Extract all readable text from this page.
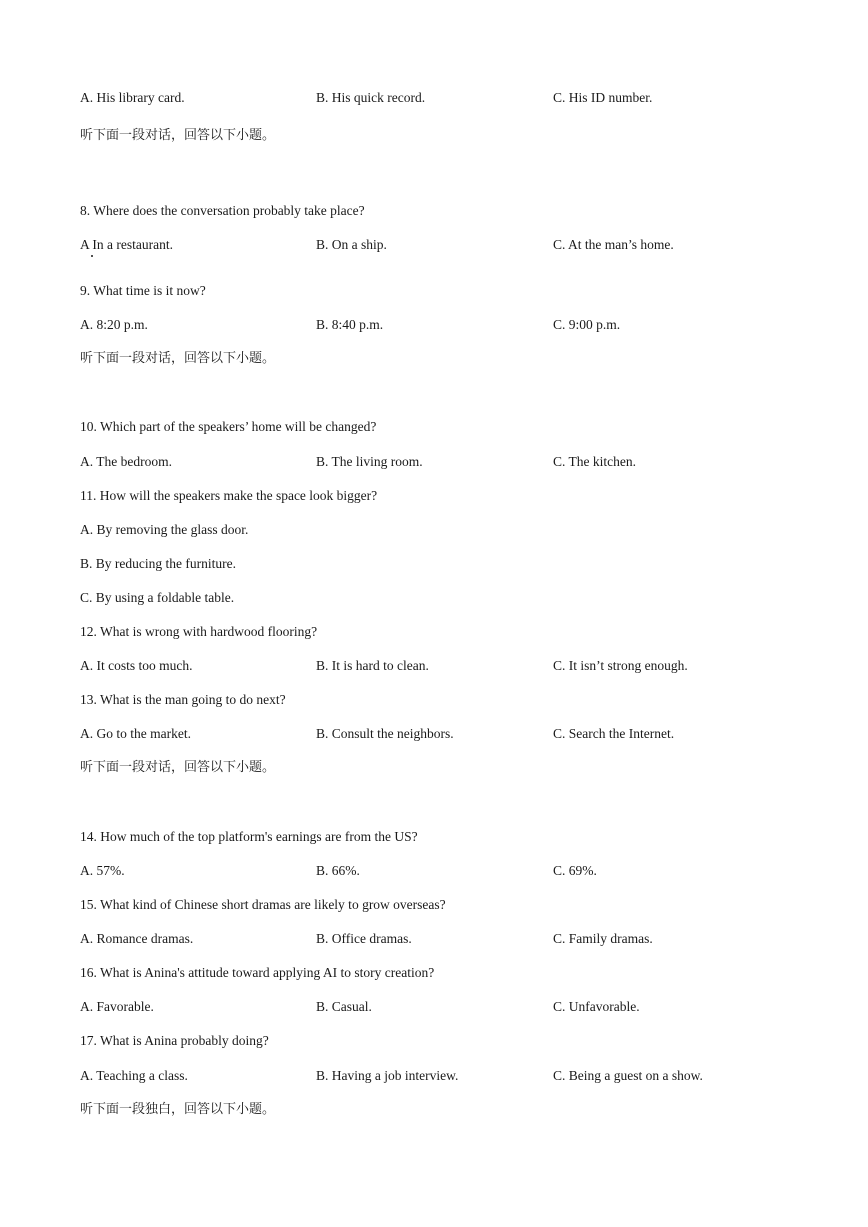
A. His library card.	B. His quick record.	C. His ID number.
听下面一段对话，回答以下小题。
8. Where does the conversation probably take place?
A In a restaurant.	B. On a ship.	C. At the man’s home.
9. What time is it now?
A. 8:20 p.m.	B. 8:40 p.m.	C. 9:00 p.m.
听下面一段对话，回答以下小题。
10. Which part of the speakers’ home will be changed?
A. The bedroom.	B. The living room.	C. The kitchen.
11. How will the speakers make the space look bigger?
A. By removing the glass door.
B. By reducing the furniture.
C. By using a foldable table.
12. What is wrong with hardwood flooring?
A. It costs too much.	B. It is hard to clean.	C. It isn’t strong enough.
13. What is the man going to do next?
A. Go to the market.	B. Consult the neighbors.	C. Search the Internet.
听下面一段对话，回答以下小题。
14. How much of the top platform's earnings are from the US?
A. 57%.	B. 66%.	C. 69%.
15. What kind of Chinese short dramas are likely to grow overseas?
A. Romance dramas.	B. Office dramas.	C. Family dramas.
16. What is Anina's attitude toward applying AI to story creation?
A. Favorable.	B. Casual.	C. Unfavorable.
17. What is Anina probably doing?
A. Teaching a class.	B. Having a job interview.	C. Being a guest on a show.
听下面一段独白，回答以下小题。
